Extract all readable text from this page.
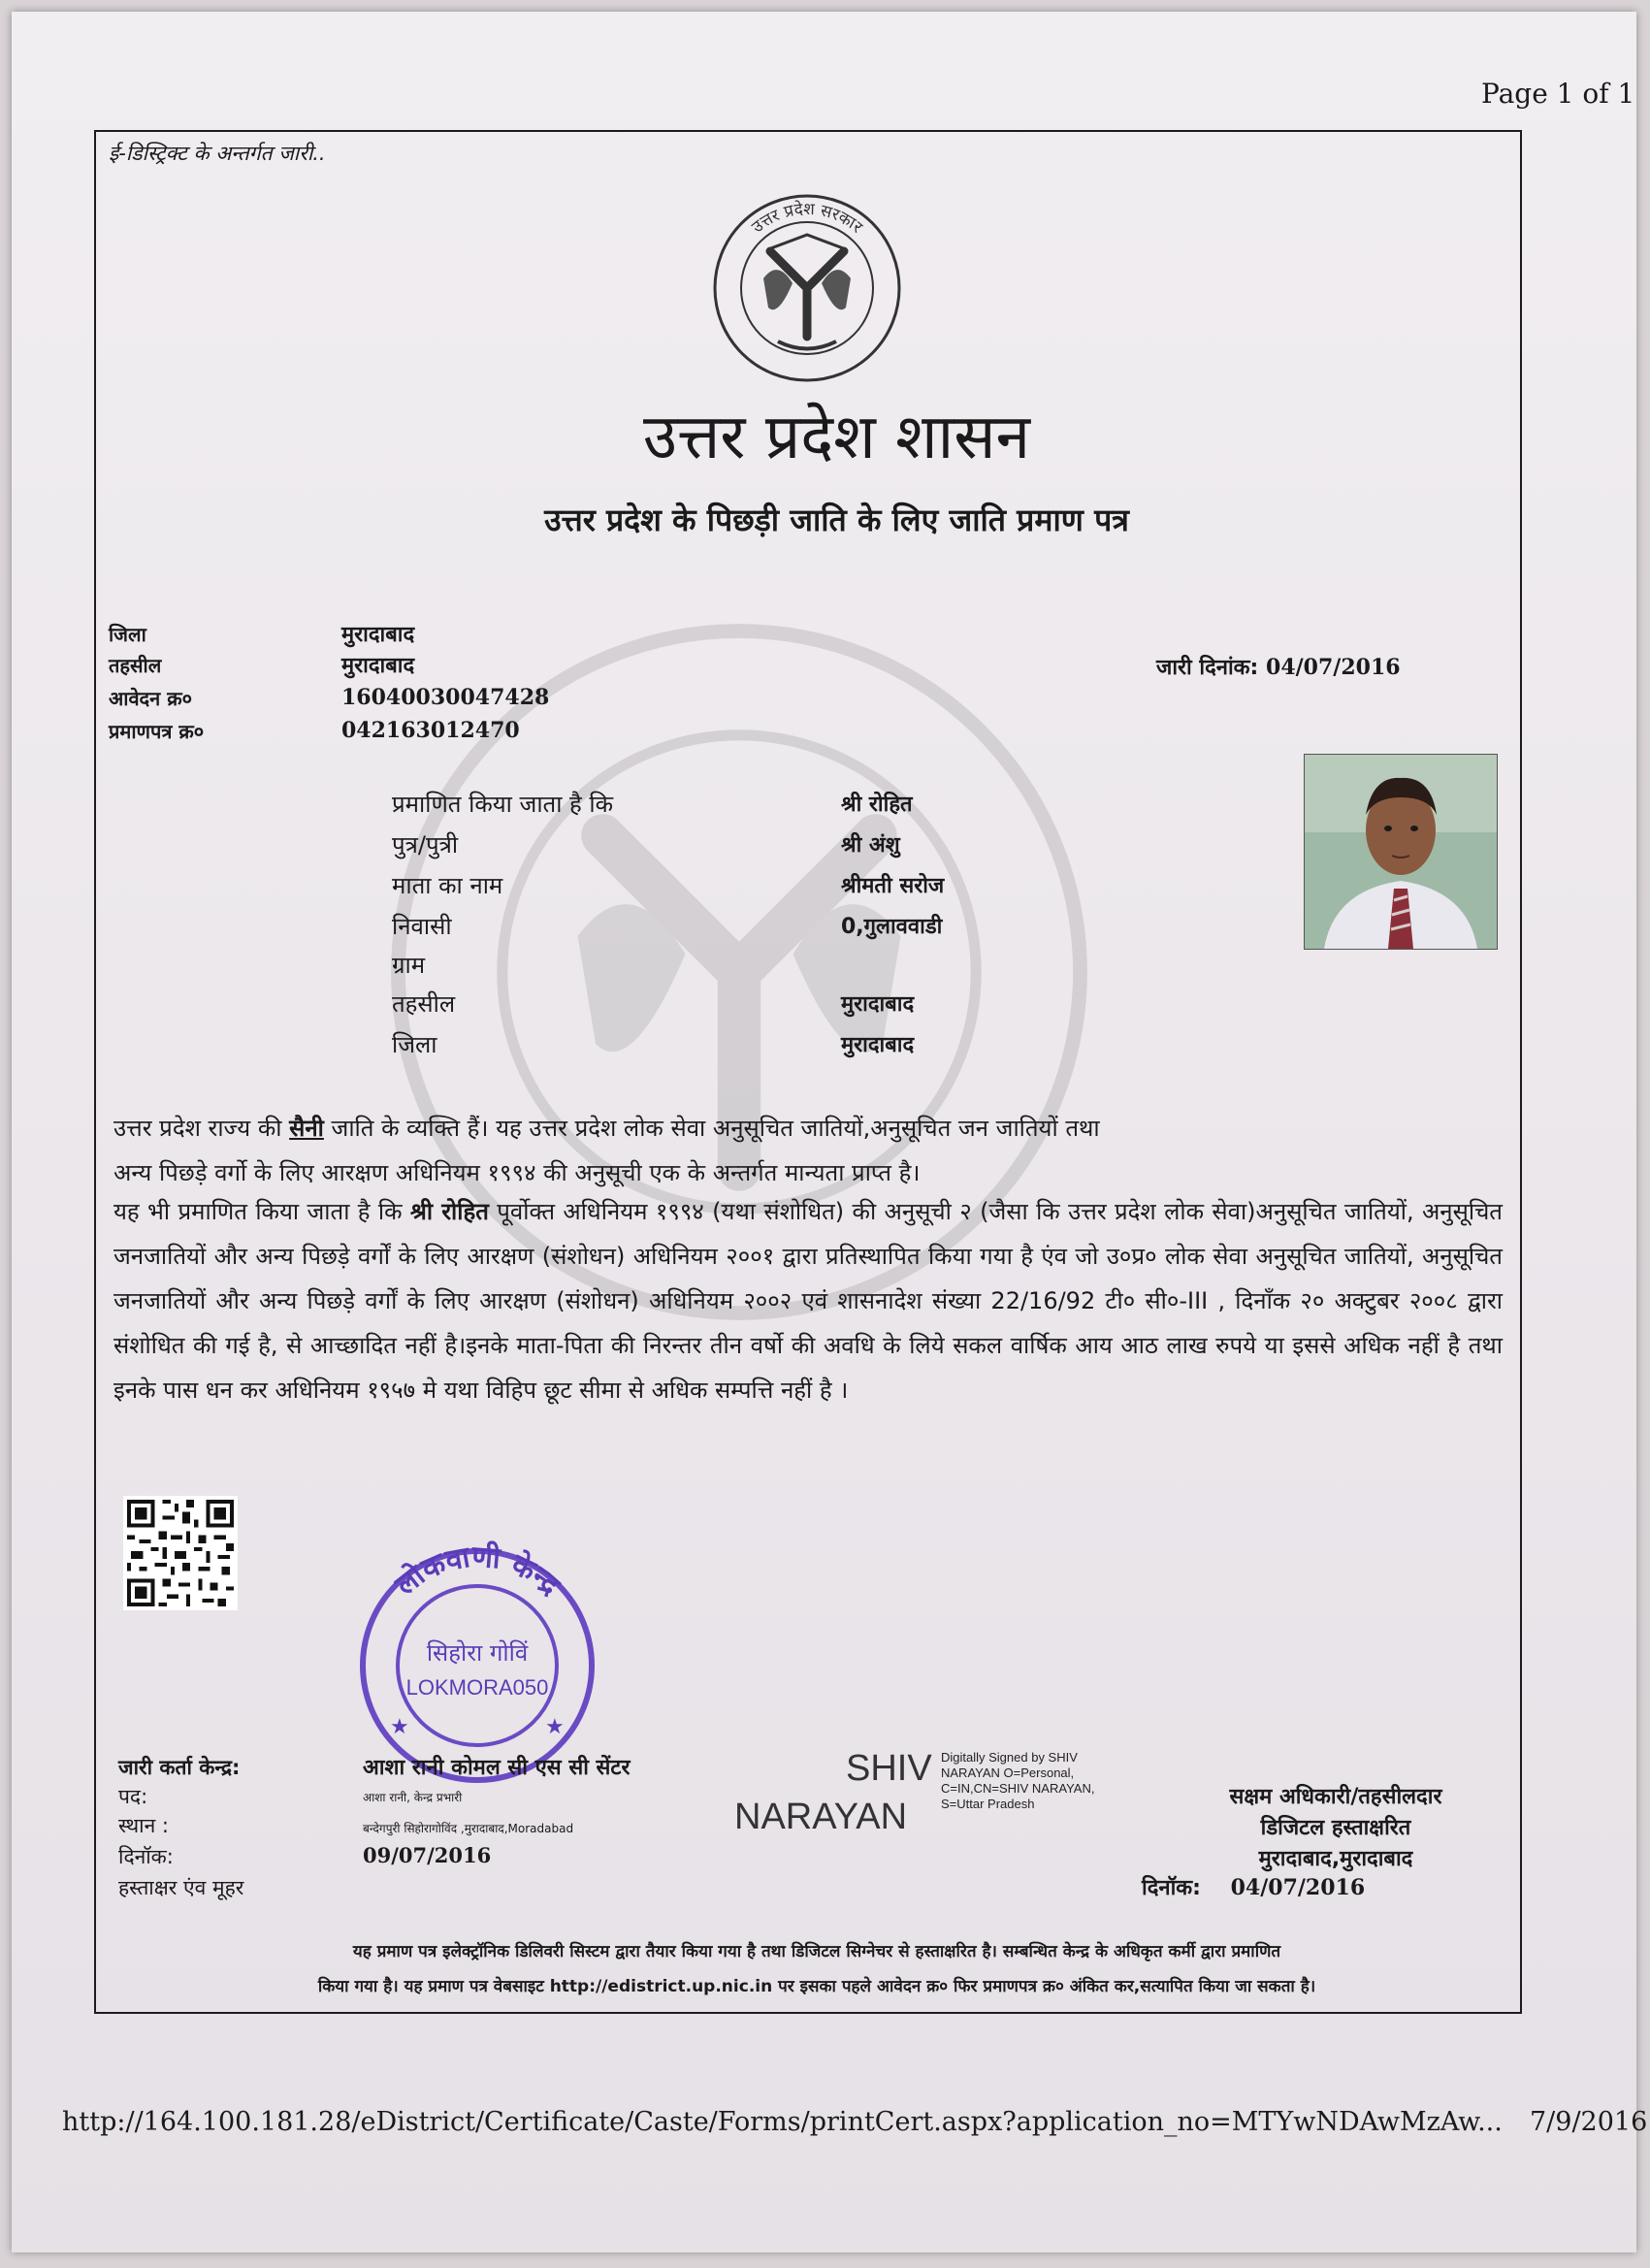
Page 1 of 1
ई-डिस्ट्रिक्ट के अन्तर्गत जारी..
उत्तर प्रदेश सरकार
उत्तर प्रदेश शासन
उत्तर प्रदेश के पिछड़ी जाति के लिए जाति प्रमाण पत्र
जिला	मुरादाबाद
तहसील	मुरादाबाद
आवेदन क्र०	16040030047428
प्रमाणपत्र क्र०	042163012470
जारी दिनांक: 04/07/2016
प्रमाणित किया जाता है कि	श्री रोहित
पुत्र/पुत्री	श्री अंशु
माता का नाम	श्रीमती सरोज
निवासी	0,गुलाववाडी
ग्राम
तहसील	मुरादाबाद
जिला	मुरादाबाद
उत्तर प्रदेश राज्य की सैनी जाति के व्यक्ति हैं। यह उत्तर प्रदेश लोक सेवा अनुसूचित जातियों,अनुसूचित जन जातियों तथा
अन्य पिछड़े वर्गो के लिए आरक्षण अधिनियम १९९४ की अनुसूची एक के अन्तर्गत मान्यता प्राप्त है।
यह भी प्रमाणित किया जाता है कि श्री रोहित पूर्वोक्त अधिनियम १९९४ (यथा संशोधित) की अनुसूची २ (जैसा कि उत्तर प्रदेश लोक सेवा)अनुसूचित जातियों, अनुसूचित जनजातियों और अन्य पिछड़े वर्गों के लिए आरक्षण (संशोधन) अधिनियम २००१ द्वारा प्रतिस्थापित किया गया है एंव जो उ०प्र० लोक सेवा अनुसूचित जातियों, अनुसूचित जनजातियों और अन्य पिछड़े वर्गों के लिए आरक्षण (संशोधन) अधिनियम २००२ एवं शासनादेश संख्या 22/16/92 टी० सी०-III , दिनाँक २० अक्टुबर २००८ द्वारा संशोधित की गई है, से आच्छादित नहीं है।इनके माता-पिता की निरन्तर तीन वर्षो की अवधि के लिये सकल वार्षिक आय आठ लाख रुपये या इससे अधिक नहीं है तथा इनके पास धन कर अधिनियम १९५७ मे यथा विहिप छूट सीमा से अधिक सम्पत्ति नहीं है ।
लोकवाणी केन्द्र
सिहोरा गोविं
LOKMORA050
★	★
जारी कर्ता केन्द्र:	आशा रानी कोमल सी एस सी सेंटर
पद:	आशा रानी, केन्द्र प्रभारी
स्थान :	बन्देगपुरी सिहोरागोविंद ,मुरादाबाद,Moradabad
दिनॉक:	09/07/2016
हस्ताक्षर एंव मूहर
SHIV
NARAYAN
Digitally Signed by SHIV
NARAYAN O=Personal,
C=IN,CN=SHIV NARAYAN,
S=Uttar Pradesh	सक्षम अधिकारी/तहसीलदार
डिजिटल हस्ताक्षरित
मुरादाबाद,मुरादाबाद
दिनॉक: 04/07/2016
यह प्रमाण पत्र इलेक्ट्रॉनिक डिलिवरी सिस्टम द्वारा तैयार किया गया है तथा डिजिटल सिग्नेचर से हस्ताक्षरित है। सम्बन्धित केन्द्र के अधिकृत कर्मी द्वारा प्रमाणित
किया गया है। यह प्रमाण पत्र वेबसाइट http://edistrict.up.nic.in पर इसका पहले आवेदन क्र० फिर प्रमाणपत्र क्र० अंकित कर,सत्यापित किया जा सकता है।
http://164.100.181.28/eDistrict/Certificate/Caste/Forms/printCert.aspx?application_no=MTYwNDAwMzAw... 7/9/2016
